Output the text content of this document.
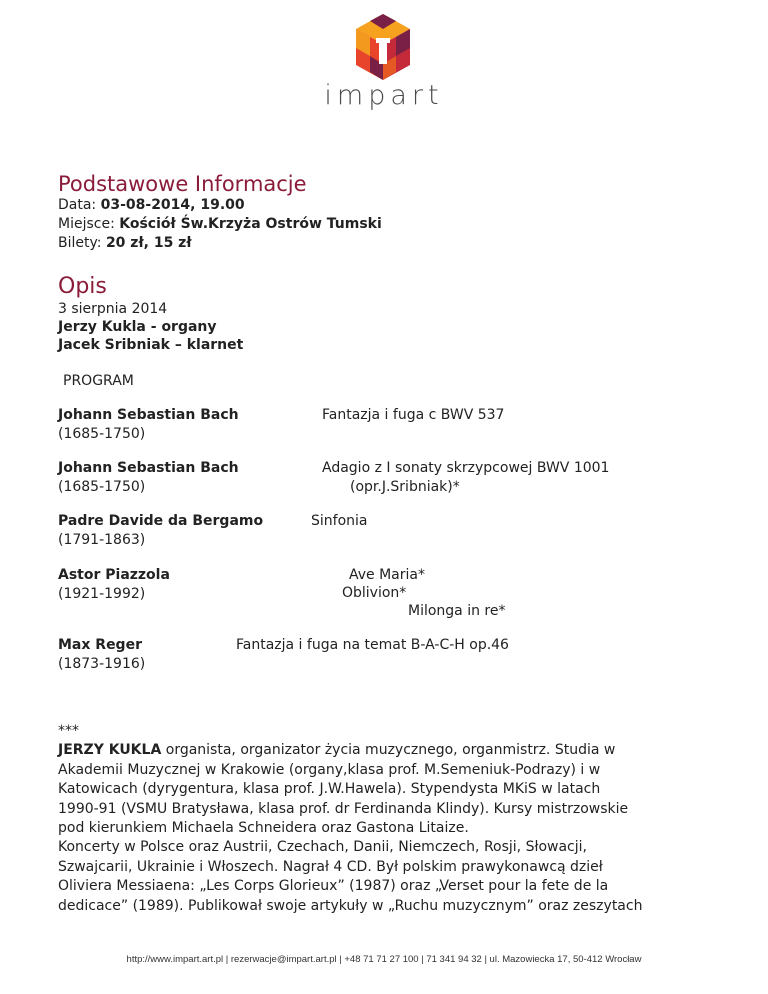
impart
Podstawowe Informacje
Data: 03-08-2014, 19.00
Miejsce: Kościół Św.Krzyża Ostrów Tumski
Bilety: 20 zł, 15 zł
Opis
3 sierpnia 2014
Jerzy Kukla - organy
Jacek Sribniak – klarnet
PROGRAM
Johann Sebastian Bach
(1685-1750)
Fantazja i fuga c BWV 537
Johann Sebastian Bach
(1685-1750)
Adagio z I sonaty skrzypcowej BWV 1001
(opr.J.Sribniak)*
Padre Davide da Bergamo
(1791-1863)
Sinfonia
Astor Piazzola
(1921-1992)
Ave Maria*
Oblivion*
Milonga in re*
Max Reger
(1873-1916)
Fantazja i fuga na temat B-A-C-H op.46
***
JERZY KUKLA organista, organizator życia muzycznego, organmistrz. Studia w
Akademii Muzycznej w Krakowie (organy,klasa prof. M.Semeniuk-Podrazy) i w
Katowicach (dyrygentura, klasa prof. J.W.Hawela). Stypendysta MKiS w latach
1990-91 (VSMU Bratysława, klasa prof. dr Ferdinanda Klindy). Kursy mistrzowskie
pod kierunkiem Michaela Schneidera oraz Gastona Litaize.
Koncerty w Polsce oraz Austrii, Czechach, Danii, Niemczech, Rosji, Słowacji,
Szwajcarii, Ukrainie i Włoszech. Nagrał 4 CD. Był polskim prawykonawcą dzieł
Oliviera Messiaena: „Les Corps Glorieux” (1987) oraz „Verset pour la fete de la
dedicace” (1989). Publikował swoje artykuły w „Ruchu muzycznym” oraz zeszytach
http://www.impart.art.pl | rezerwacje@impart.art.pl | +48 71 71 27 100 | 71 341 94 32 | ul. Mazowiecka 17, 50-412 Wrocław
